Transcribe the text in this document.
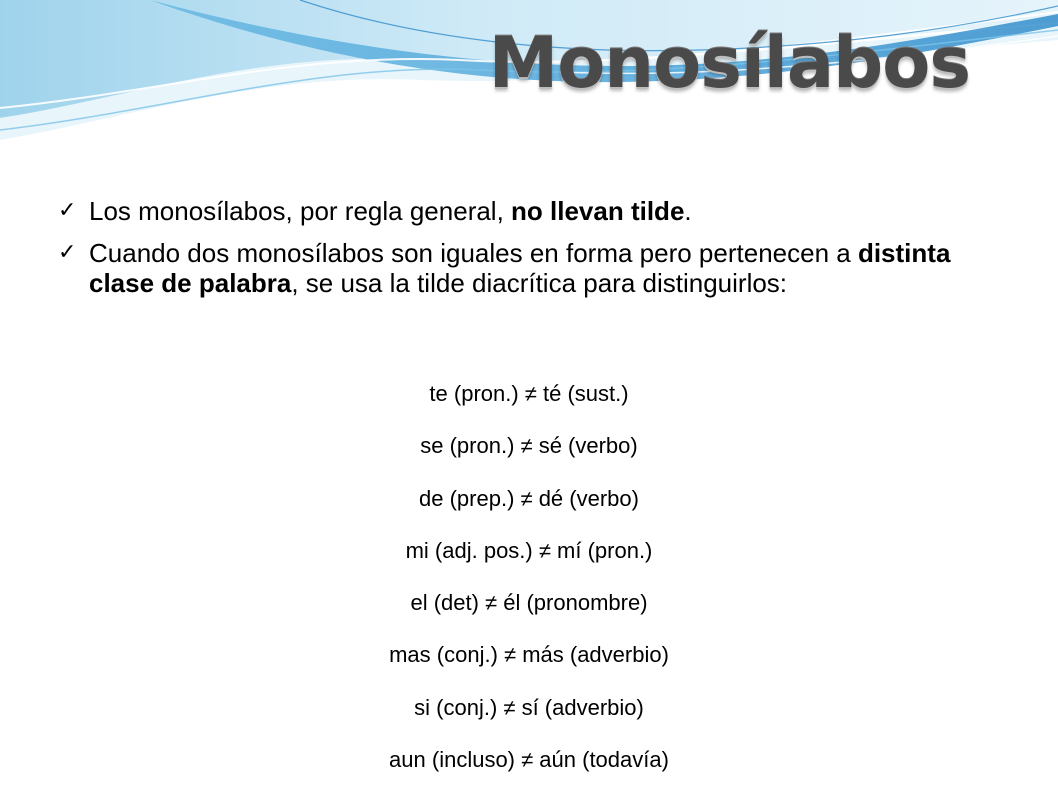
Monosílabos
✓ Los monosílabos, por regla general, no llevan tilde.
✓ Cuando dos monosílabos son iguales en forma pero pertenecen a distinta clase de palabra, se usa la tilde diacrítica para distinguirlos:
te (pron.) ≠ té (sust.)
se (pron.) ≠ sé (verbo)
de (prep.) ≠ dé (verbo)
mi (adj. pos.) ≠ mí (pron.)
el (det) ≠ él (pronombre)
mas (conj.) ≠ más (adverbio)
si (conj.) ≠ sí (adverbio)
aun (incluso) ≠ aún (todavía)
